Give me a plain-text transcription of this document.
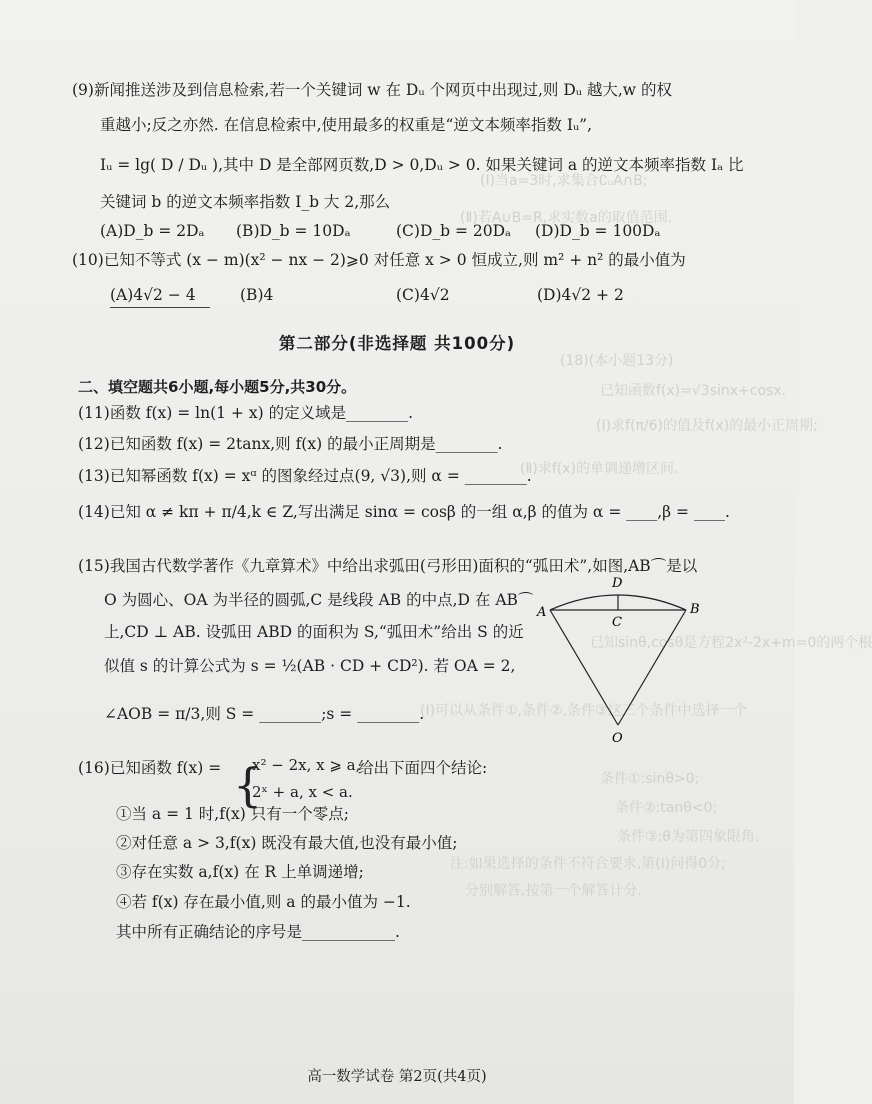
(Ⅰ)当a=3时,求集合∁ᵤA∩B;
(Ⅱ)若A∪B=R,求实数a的取值范围.
(18)(本小题13分)
已知函数f(x)=√3sinx+cosx.
(Ⅰ)求f(π/6)的值及f(x)的最小正周期;
(Ⅱ)求f(x)的单调递增区间.
已知sinθ,cosθ是方程2x²-2x+m=0的两个根
(Ⅰ)可以从条件①,条件②,条件③这三个条件中选择一个
条件①:sinθ>0;
条件②:tanθ<0;
条件③:θ为第四象限角.
注:如果选择的条件不符合要求,第(Ⅰ)问得0分;
分别解答,按第一个解答计分.
(9)新闻推送涉及到信息检索,若一个关键词 w 在 Dᵤ 个网页中出现过,则 Dᵤ 越大,w 的权
重越小;反之亦然. 在信息检索中,使用最多的权重是“逆文本频率指数 Iᵤ”,
Iᵤ = lg( D / Dᵤ ),其中 D 是全部网页数,D > 0,Dᵤ > 0. 如果关键词 a 的逆文本频率指数 Iₐ 比
关键词 b 的逆文本频率指数 I_b 大 2,那么
(A)D_b = 2Dₐ (B)D_b = 10Dₐ	(C)D_b = 20Dₐ (D)D_b = 100Dₐ
(10)已知不等式 (x − m)(x² − nx − 2)⩾0 对任意 x > 0 恒成立,则 m² + n² 的最小值为
(A)4√2 − 4	(B)4	(C)4√2	(D)4√2 + 2
第二部分(非选择题 共100分)
二、填空题共6小题,每小题5分,共30分。
(11)函数 f(x) = ln(1 + x) 的定义域是________.
(12)已知函数 f(x) = 2tanx,则 f(x) 的最小正周期是________.
(13)已知幂函数 f(x) = xᵅ 的图象经过点(9, √3),则 α = ________.
(14)已知 α ≠ kπ + π/4,k ∈ Z,写出满足 sinα = cosβ 的一组 α,β 的值为 α = ____,β = ____.
(15)我国古代数学著作《九章算术》中给出求弧田(弓形田)面积的“弧田术”,如图,AB⌒是以
O 为圆心、OA 为半径的圆弧,C 是线段 AB 的中点,D 在 AB⌒
上,CD ⊥ AB. 设弧田 ABD 的面积为 S,“弧田术”给出 S 的近
似值 s 的计算公式为 s = ½(AB · CD + CD²). 若 OA = 2,
∠AOB = π/3,则 S = ________;s = ________.
A	B
C
D
O
(16)已知函数 f(x) = {
x² − 2x, x ⩾ a,
2ˣ + a, x < a.
给出下面四个结论:
①当 a = 1 时,f(x) 只有一个零点;
②对任意 a > 3,f(x) 既没有最大值,也没有最小值;
③存在实数 a,f(x) 在 R 上单调递增;
④若 f(x) 存在最小值,则 a 的最小值为 −1.
其中所有正确结论的序号是____________.
高一数学试卷 第2页(共4页)
